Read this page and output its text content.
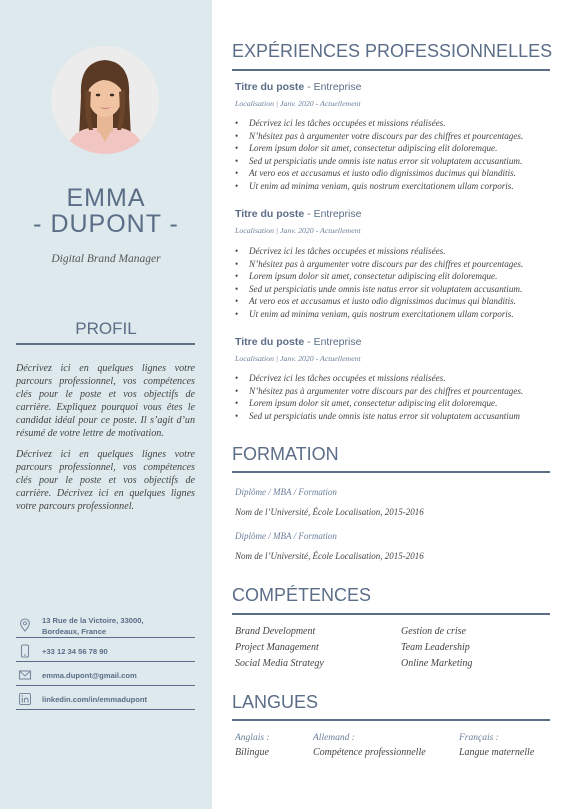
EMMA
- DUPONT -
Digital Brand Manager
PROFIL
Décrivez ici en quelques lignes votre parcours professionnel, vos compétences clés pour le poste et vos objectifs de carrière. Expliquez pourquoi vous êtes le candidat idéal pour ce poste. Il s’agit d’un résumé de votre lettre de motivation.
Décrivez ici en quelques lignes votre parcours professionnel, vos compétences clés pour le poste et vos objectifs de carrière. Décrivez ici en quelques lignes votre parcours professionnel.
13 Rue de la Victoire, 33000,
Bordeaux, France
+33 12 34 56 78 90
emma.dupont@gmail.com
linkedin.com/in/emmadupont
EXPÉRIENCES PROFESSIONNELLES
Titre du poste - Entreprise
Localisation | Janv. 2020 - Actuellement
• Décrivez ici les tâches occupées et missions réalisées.
• N’hésitez pas à argumenter votre discours par des chiffres et pourcentages.
• Lorem ipsum dolor sit amet, consectetur adipiscing elit doloremque.
• Sed ut perspiciatis unde omnis iste natus error sit voluptatem accusantium.
• At vero eos et accusamus et iusto odio dignissimos ducimus qui blanditis.
• Ut enim ad minima veniam, quis nostrum exercitationem ullam corporis.
Titre du poste - Entreprise
Localisation | Janv. 2020 - Actuellement
• Décrivez ici les tâches occupées et missions réalisées.
• N’hésitez pas à argumenter votre discours par des chiffres et pourcentages.
• Lorem ipsum dolor sit amet, consectetur adipiscing elit doloremque.
• Sed ut perspiciatis unde omnis iste natus error sit voluptatem accusantium.
• At vero eos et accusamus et iusto odio dignissimos ducimus qui blanditis.
• Ut enim ad minima veniam, quis nostrum exercitationem ullam corporis.
Titre du poste - Entreprise
Localisation | Janv. 2020 - Actuellement
• Décrivez ici les tâches occupées et missions réalisées.
• N’hésitez pas à argumenter votre discours par des chiffres et pourcentages.
• Lorem ipsum dolor sit amet, consectetur adipiscing elit doloremque.
• Sed ut perspiciatis unde omnis iste natus error sit voluptatem accusantium
FORMATION
Diplôme / MBA / Formation
Nom de l’Université, École Localisation, 2015-2016
Diplôme / MBA / Formation
Nom de l’Université, École Localisation, 2015-2016
COMPÉTENCES
Brand Development
Project Management
Social Media Strategy
Gestion de crise
Team Leadership
Online Marketing
LANGUES
Anglais :
Bilingue
Allemand :
Compétence professionnelle
Français :
Langue maternelle
